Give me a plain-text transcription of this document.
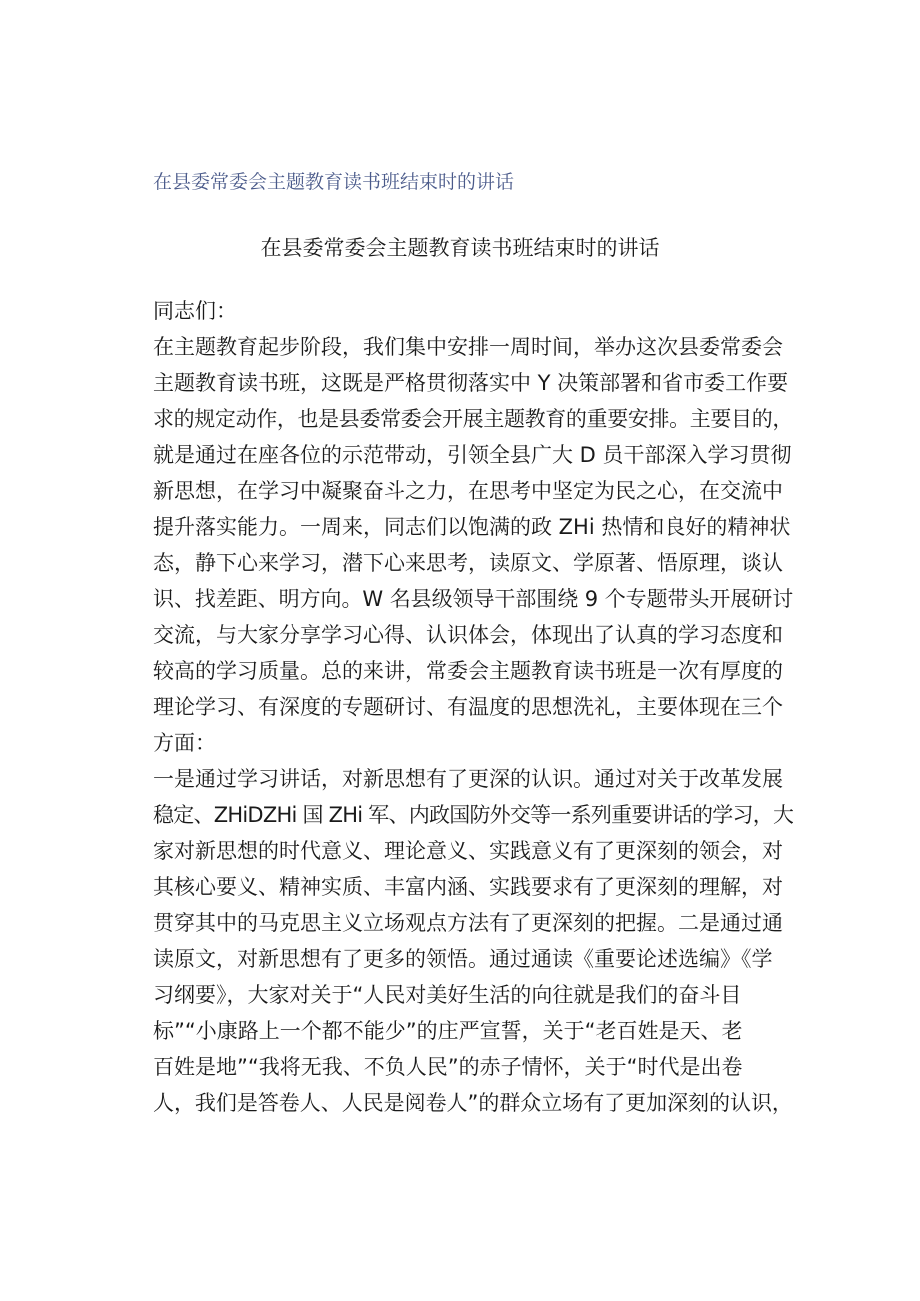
在县委常委会主题教育读书班结束时的讲话
在县委常委会主题教育读书班结束时的讲话
同志们：
在主题教育起步阶段，我们集中安排一周时间，举办这次县委常委会
主题教育读书班，这既是严格贯彻落实中 Y 决策部署和省市委工作要
求的规定动作，也是县委常委会开展主题教育的重要安排。主要目的，
就是通过在座各位的示范带动，引领全县广大 D 员干部深入学习贯彻
新思想，在学习中凝聚奋斗之力，在思考中坚定为民之心，在交流中
提升落实能力。一周来，同志们以饱满的政 ZHi 热情和良好的精神状
态，静下心来学习，潜下心来思考，读原文、学原著、悟原理，谈认
识、找差距、明方向。W 名县级领导干部围绕 9 个专题带头开展研讨
交流，与大家分享学习心得、认识体会，体现出了认真的学习态度和
较高的学习质量。总的来讲，常委会主题教育读书班是一次有厚度的
理论学习、有深度的专题研讨、有温度的思想洗礼，主要体现在三个
方面：
一是通过学习讲话，对新思想有了更深的认识。通过对关于改革发展
稳定、ZHiDZHi 国 ZHi 军、内政国防外交等一系列重要讲话的学习，大
家对新思想的时代意义、理论意义、实践意义有了更深刻的领会，对
其核心要义、精神实质、丰富内涵、实践要求有了更深刻的理解，对
贯穿其中的马克思主义立场观点方法有了更深刻的把握。二是通过通
读原文，对新思想有了更多的领悟。通过通读《重要论述选编》《学
习纲要》，大家对关于“人民对美好生活的向往就是我们的奋斗目
标”“小康路上一个都不能少”的庄严宣誓，关于“老百姓是天、老
百姓是地”“我将无我、不负人民”的赤子情怀，关于“时代是出卷
人，我们是答卷人、人民是阅卷人”的群众立场有了更加深刻的认识，
